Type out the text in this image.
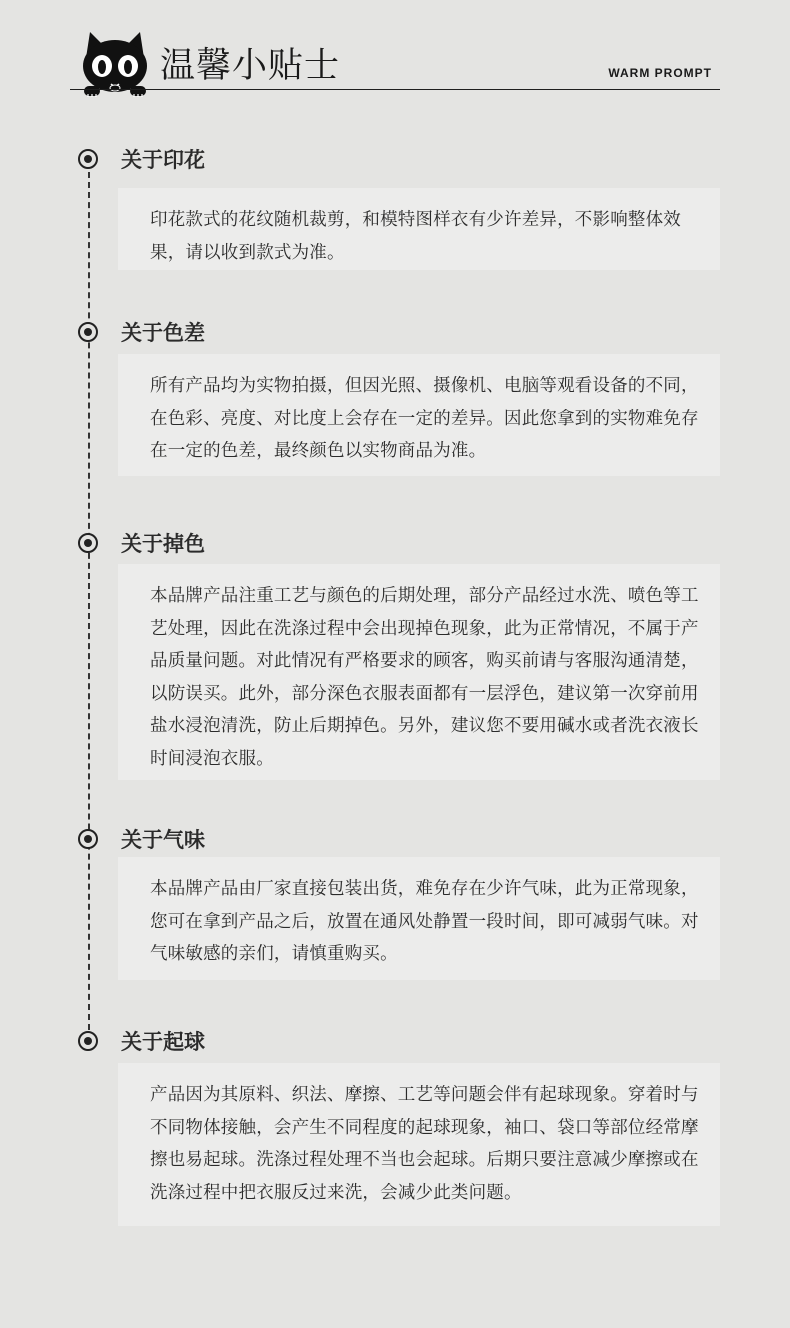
温馨小贴士	WARM PROMPT
关于印花
印花款式的花纹随机裁剪，和模特图样衣有少许差异，不影响整体效果，请以收到款式为准。
关于色差
所有产品均为实物拍摄，但因光照、摄像机、电脑等观看设备的不同，在色彩、亮度、对比度上会存在一定的差异。因此您拿到的实物难免存在一定的色差，最终颜色以实物商品为准。
关于掉色
本品牌产品注重工艺与颜色的后期处理，部分产品经过水洗、喷色等工艺处理，因此在洗涤过程中会出现掉色现象，此为正常情况，不属于产品质量问题。对此情况有严格要求的顾客，购买前请与客服沟通清楚，以防误买。此外，部分深色衣服表面都有一层浮色，建议第一次穿前用盐水浸泡清洗，防止后期掉色。另外，建议您不要用碱水或者洗衣液长时间浸泡衣服。
关于气味
本品牌产品由厂家直接包装出货，难免存在少许气味，此为正常现象，您可在拿到产品之后，放置在通风处静置一段时间，即可减弱气味。对气味敏感的亲们，请慎重购买。
关于起球
产品因为其原料、织法、摩擦、工艺等问题会伴有起球现象。穿着时与不同物体接触，会产生不同程度的起球现象，袖口、袋口等部位经常摩擦也易起球。洗涤过程处理不当也会起球。后期只要注意减少摩擦或在洗涤过程中把衣服反过来洗，会减少此类问题。
